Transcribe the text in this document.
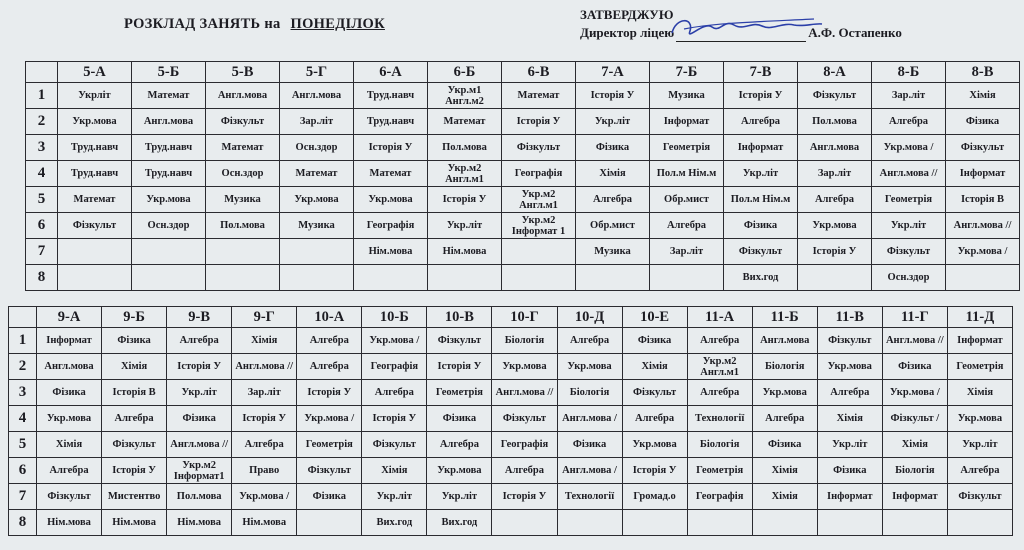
РОЗКЛАД ЗАНЯТЬ на ПОНЕДІЛОК
ЗАТВЕРДЖУЮ
Директор ліцею	А.Ф. Остапенко
	5-А	5-Б	5-В	5-Г	6-А	6-Б	6-В	7-А	7-Б	7-В	8-А	8-Б	8-В
1	Укрліт	Математ	Англ.мова	Англ.мова	Труд.навч	Укр.м1 Англ.м2	Математ	Історія У	Музика	Історія У	Фізкульт	Зар.літ	Хімія
2	Укр.мова	Англ.мова	Фізкульт	Зар.літ	Труд.навч	Математ	Історія У	Укр.літ	Інформат	Алгебра	Пол.мова	Алгебра	Фізика
3	Труд.навч	Труд.навч	Математ	Осн.здор	Історія У	Пол.мова	Фізкульт	Фізика	Геометрія	Інформат	Англ.мова	Укр.мова /	Фізкульт
4	Труд.навч	Труд.навч	Осн.здор	Математ	Математ	Укр.м2 Англ.м1	Географія	Хімія	Пол.м Нім.м	Укр.літ	Зар.літ	Англ.мова //	Інформат
5	Математ	Укр.мова	Музика	Укр.мова	Укр.мова	Історія У	Укр.м2 Англ.м1	Алгебра	Обр.мист	Пол.м Нім.м	Алгебра	Геометрія	Історія В
6	Фізкульт	Осн.здор	Пол.мова	Музика	Географія	Укр.літ	Укр.м2 Інформат 1	Обр.мист	Алгебра	Фізика	Укр.мова	Укр.літ	Англ.мова //
7					Нім.мова	Нім.мова		Музика	Зар.літ	Фізкульт	Історія У	Фізкульт	Укр.мова /
8										Вих.год		Осн.здор	
	9-А	9-Б	9-В	9-Г	10-А	10-Б	10-В	10-Г	10-Д	10-Е	11-А	11-Б	11-В	11-Г	11-Д
1	Інформат	Фізика	Алгебра	Хімія	Алгебра	Укр.мова /	Фізкульт	Біологія	Алгебра	Фізика	Алгебра	Англ.мова	Фізкульт	Англ.мова //	Інформат
2	Англ.мова	Хімія	Історія У	Англ.мова //	Алгебра	Географія	Історія У	Укр.мова	Укр.мова	Хімія	Укр.м2 Англ.м1	Біологія	Укр.мова	Фізика	Геометрія
3	Фізика	Історія В	Укр.літ	Зар.літ	Історія У	Алгебра	Геометрія	Англ.мова //	Біологія	Фізкульт	Алгебра	Укр.мова	Алгебра	Укр.мова /	Хімія
4	Укр.мова	Алгебра	Фізика	Історія У	Укр.мова /	Історія У	Фізика	Фізкульт	Англ.мова /	Алгебра	Технології	Алгебра	Хімія	Фізкульт /	Укр.мова
5	Хімія	Фізкульт	Англ.мова //	Алгебра	Геометрія	Фізкульт	Алгебра	Географія	Фізика	Укр.мова	Біологія	Фізика	Укр.літ	Хімія	Укр.літ
6	Алгебра	Історія У	Укр.м2 Інформат1	Право	Фізкульт	Хімія	Укр.мова	Алгебра	Англ.мова /	Історія У	Геометрія	Хімія	Фізика	Біологія	Алгебра
7	Фізкульт	Мистентво	Пол.мова	Укр.мова /	Фізика	Укр.літ	Укр.літ	Історія У	Технології	Громад.о	Географія	Хімія	Інформат	Інформат	Фізкульт
8	Нім.мова	Нім.мова	Нім.мова	Нім.мова		Вих.год	Вих.год								
